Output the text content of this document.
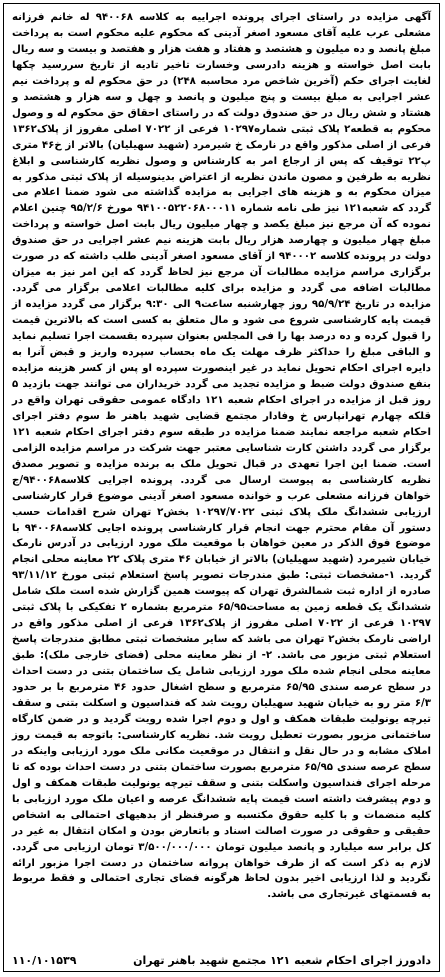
آگهی مزایده در راستای اجرای پرونده اجراییه به کلاسه ۹۴۰۰۶۸ له خانم فرزانه مشعلی عرب علیه آقای مسعود اصغر آدینی که محکوم علیه محکوم است به پرداخت مبلغ پانصد و ده میلیون و هشتصد و هفتاد و هفت هزار و هفتصد و بیست و سه ریال بابت اصل خواسته و هزینه دادرسی وخسارت تاخیر تادیه از تاریخ سررسید چکها لغایت اجرای حکم (آخرین شاخص مرد محاسبه ۲۴۸) در حق محکوم له و پرداخت نیم عشر اجرایی به مبلغ بیست و پنج میلیون و پانصد و چهل و سه هزار و هشتصد و هشتاد و شش ریال در حق صندوق دولت که در راستای احقاق حق محکوم له و وصول محکوم به قطعه۲ پلاک ثبتی شماره۱۰۲۹۷ فرعی از ۷۰۲۲ اصلی مفروز از پلاک۱۳۶۲ فرعی از اصلی مذکور واقع در نارمک خ شیرمرد (شهید سهیلیان) بالاتر از خ۴۶ متری پ۲۲ توقیف که پس از ارجاع امر به کارشناس و وصول نظریه کارشناسی و ابلاغ نظریه به طرفین و مصون ماندن نظریه از اعتراض بدینوسیله از پلاک ثبتی مذکور به میزان محکوم به و هزینه های اجرایی به مزایده گذاشته می شود ضمنا اعلام می گردد که شعبه۱۲۱ نیز طی نامه شماره ۹۴۱۰۰۵۲۲۰۶۸۰۰۰۱۱ مورخ ۹۵/۲/۶ چنین اعلام نموده که آن مرجع نیز مبلغ یکصد و چهار میلیون ریال بابت اصل خواسته و پرداخت مبلغ چهار میلیون و چهارصد هزار ریال بابت هزینه نیم عشر اجرایی در حق صندوق دولت در پرونده کلاسه ۹۴۰۰۰۲ از آقای مسعود اصغر آدینی طلب داشته که در صورت برگزاری مراسم مزایده مطالبات آن مرجع نیز لحاظ گردد که این امر نیز به میزان مطالبات اضافه می گردد و مزایده برای کلیه مطالبات اعلامی برگزار می گردد. مزایده در تاریخ ۹۵/۹/۲۴ روز چهارشنبه ساعت۹ الی ۹:۳۰ برگزار می گردد مزایده از قیمت پایه کارشناسی شروع می شود و مال متعلق به کسی است که بالاترین قیمت را قبول کرده و ده درصد بها را فی المجلس بعنوان سپرده بقسمت اجرا تسلیم نماید و الباقی مبلغ را حداکثر ظرف مهلت یک ماه بحساب سپرده واریز و قبض آنرا به دایره اجرای احکام تحویل نماید در غیر اینصورت سپرده او پس از کسر هزینه مزایده بنفع صندوق دولت ضبط و مزایده تجدید می گردد خریداران می توانند جهت بازدید ۵ روز قبل از مزایده در اجرای احکام شعبه ۱۲۱ دادگاه عمومی حقوقی تهران واقع در قلکه چهارم تهرانپارس خ وفادار مجتمع قضایی شهید باهنر ط سوم دفتر اجرای احکام شعبه مراجعه نمایند ضمنا مزایده در طبقه سوم دفتر اجرای احکام شعبه ۱۲۱ برگزار می گردد داشتن کارت شناسایی معتبر جهت شرکت در مراسم مزایده الزامی است. ضمنا این اجرا تعهدی در قبال تحویل ملک به برنده مزایده و تصویر مصدق نظریه کارشناسی به پیوست ارسال می گردد. پرونده اجرایی کلاسه۹۴۰۰۶۸/ج خواهان فرزانه مشعلی عرب و خوانده مسعود اصغر آدینی موضوع قرار کارشناسی ارزیابی ششدانگ ملک پلاک ثبتی ۱۰۲۹۷/۷۰۲۲ بخش۲ تهران شرح اقدامات حسب دستور آن مقام محترم جهت انجام قرار کارشناسی پرونده اجایی کلاسه۹۴۰۰۶۸ با موضوع فوق الذکر در معین خواهان با موقعیت ملک مورد ارزیابی در آدرس نارمک خیابان شیرمرد (شهید سهیلیان) بالاتر از خیابان ۴۶ متری پلاک ۲۲ معاینه محلی انجام گردید. ۱-مشخصات ثبتی: طبق مندرجات تصویر پاسخ استعلام ثبتی مورخ ۹۳/۱۱/۱۲ صادره از اداره ثبت شمالشرق تهران که پیوست همین گزارش شده است ملک شامل ششدانگ یک قطعه زمین به مساحت۶۵/۹۵ مترمربع بشماره ۲ تفکیکی با پلاک ثبتی ۱۰۲۹۷ فرعی از ۷۰۲۲ اصلی مفروز از پلاک۱۳۶۲ فرعی از اصلی مذکور واقع در اراضی نارمک بخش۲ تهران می باشد که سایر مشخصات ثبتی مطابق مندرجات پاسخ استعلام ثبتی مزبور می باشد. ۲- از نظر معاینه محلی (فضای خارجی ملک): طبق معاینه محلی انجام شده ملک مورد ارزیابی شامل یک ساختمان بتنی در دست احداث در سطح عرصه سندی ۶۵/۹۵ مترمربع و سطح اشغال حدود ۴۶ مترمربع با بر حدود ۶/۳ متر رو به خیابان شهید سهیلیان رویت شد که فنداسیون و اسکلت بتنی و سقف تیرچه یونولیت طبقات همکف و اول و دوم اجرا شده رویت گردید و در ضمن کارگاه ساختمانی مزبور بصورت تعطیل رویت شد. نظریه کارشناسی: باتوجه به قیمت روز املاک مشابه و در حال نقل و انتقال در موقعیت مکانی ملک مورد ارزیابی واینکه در سطح عرصه سندی ۶۵/۹۵ مترمربع بصورت ساختمان بتنی در دست احداث بوده که تا مرحله اجرای فنداسیون واسکلت بتنی و سقف تیرچه یونولیت طبقات همکف و اول و دوم پیشرفت داشته است قیمت پایه ششدانگ عرصه و اعیان ملک مورد ارزیابی با کلیه منضمات و با کلیه حقوق مکتسبه و صرفنظر از بدهیهای احتمالی به اشخاص حقیقی و حقوقی در صورت اصالت اسناد و باتعارض بودن و امکان انتقال به غیر در کل برابر سه میلیارد و پانصد میلیون تومان ۳/۵۰۰/۰۰۰/۰۰۰ تومان ارزیابی می گردد. لازم به ذکر است که از طرف خواهان پروانه ساختمان در دست اجرا مزبور ارائه نگردید و لذا ارزیابی اخیر بدون لحاظ هرگونه فضای تجاری احتمالی و فقط مربوط به قسمتهای غیرتجاری می باشد.

دادورز اجرای احکام شعبه ۱۲۱ مجتمع شهید باهنر تهران
۱۱۰/۱۰۱۵۳۹
